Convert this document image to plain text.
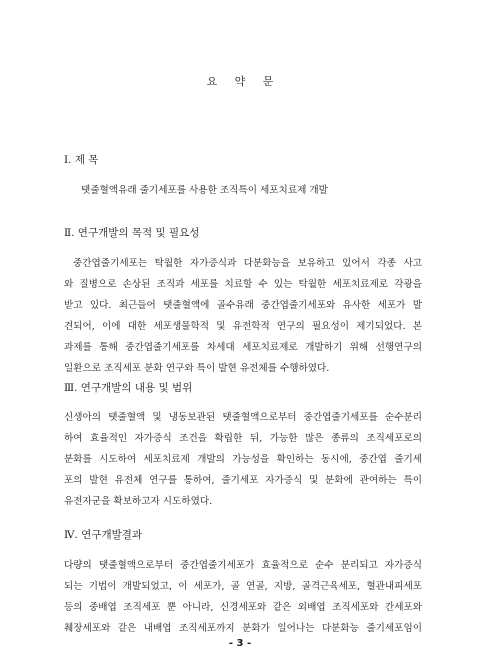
요 약 문
Ⅰ. 제 목
탯줄혈액유래 줄기세포를 사용한 조직특이 세포치료제 개발
Ⅱ. 연구개발의 목적 및 필요성
중간엽줄기세포는 탁월한 자가증식과 다분화능을 보유하고 있어서 각종 사고
와 질병으로 손상된 조직과 세포를 치료할 수 있는 탁월한 세포치료제로 각광을
받고 있다. 최근들어 탯줄혈액에 골수유래 중간엽줄기세포와 유사한 세포가 발
견되어, 이에 대한 세포생물학적 및 유전학적 연구의 필요성이 제기되었다. 본
과제를 통해 중간엽줄기세포를 차세대 세포치료제로 개발하기 위해 선행연구의
일환으로 조직세포 분화 연구와 특이 발현 유전체를 수행하였다.
Ⅲ. 연구개발의 내용 및 범위
신생아의 탯줄혈액 및 냉동보관된 탯줄혈액으로부터 중간엽줄기세포를 순수분리
하여 효율적인 자가증식 조건을 확립한 뒤, 가능한 많은 종류의 조직세포로의
분화를 시도하여 세포치료제 개발의 가능성을 확인하는 동시에, 중간엽 줄기세
포의 발현 유전체 연구를 통하여, 줄기세포 자가증식 및 분화에 관여하는 특이
유전자군을 확보하고자 시도하였다.
Ⅳ. 연구개발결과
다량의 탯줄혈액으로부터 중간엽줄기세포가 효율적으로 순수 분리되고 자가증식
되는 기법이 개발되었고, 이 세포가, 골 연골, 지방, 골격근육세포, 혈관내피세포
등의 중배엽 조직세포 뿐 아니라, 신경세포와 같은 외배엽 조직세포와 간세포와
췌장세포와 같은 내배엽 조직세포까지 분화가 일어나는 다분화능 줄기세포임이
- 3 -
